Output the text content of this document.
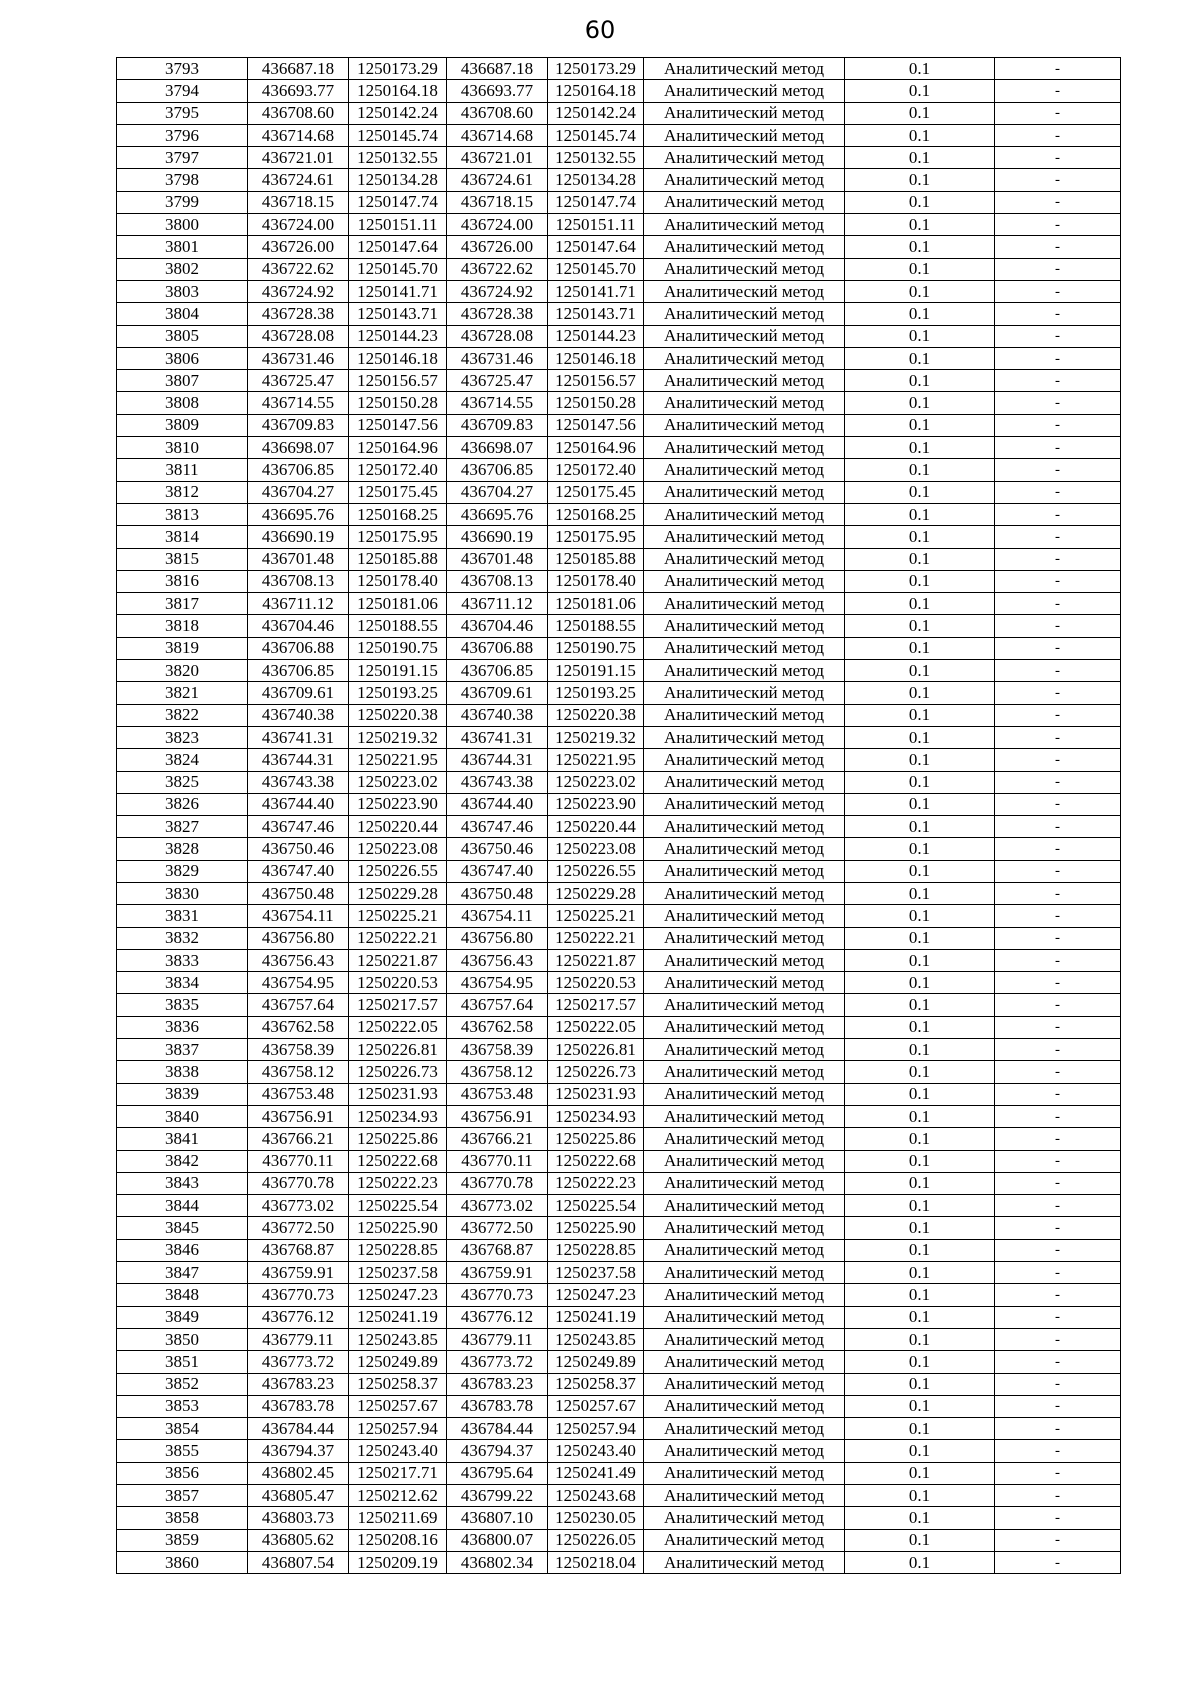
60
3793	436687.18	1250173.29	436687.18	1250173.29	Аналитический метод	0.1	-
3794	436693.77	1250164.18	436693.77	1250164.18	Аналитический метод	0.1	-
3795	436708.60	1250142.24	436708.60	1250142.24	Аналитический метод	0.1	-
3796	436714.68	1250145.74	436714.68	1250145.74	Аналитический метод	0.1	-
3797	436721.01	1250132.55	436721.01	1250132.55	Аналитический метод	0.1	-
3798	436724.61	1250134.28	436724.61	1250134.28	Аналитический метод	0.1	-
3799	436718.15	1250147.74	436718.15	1250147.74	Аналитический метод	0.1	-
3800	436724.00	1250151.11	436724.00	1250151.11	Аналитический метод	0.1	-
3801	436726.00	1250147.64	436726.00	1250147.64	Аналитический метод	0.1	-
3802	436722.62	1250145.70	436722.62	1250145.70	Аналитический метод	0.1	-
3803	436724.92	1250141.71	436724.92	1250141.71	Аналитический метод	0.1	-
3804	436728.38	1250143.71	436728.38	1250143.71	Аналитический метод	0.1	-
3805	436728.08	1250144.23	436728.08	1250144.23	Аналитический метод	0.1	-
3806	436731.46	1250146.18	436731.46	1250146.18	Аналитический метод	0.1	-
3807	436725.47	1250156.57	436725.47	1250156.57	Аналитический метод	0.1	-
3808	436714.55	1250150.28	436714.55	1250150.28	Аналитический метод	0.1	-
3809	436709.83	1250147.56	436709.83	1250147.56	Аналитический метод	0.1	-
3810	436698.07	1250164.96	436698.07	1250164.96	Аналитический метод	0.1	-
3811	436706.85	1250172.40	436706.85	1250172.40	Аналитический метод	0.1	-
3812	436704.27	1250175.45	436704.27	1250175.45	Аналитический метод	0.1	-
3813	436695.76	1250168.25	436695.76	1250168.25	Аналитический метод	0.1	-
3814	436690.19	1250175.95	436690.19	1250175.95	Аналитический метод	0.1	-
3815	436701.48	1250185.88	436701.48	1250185.88	Аналитический метод	0.1	-
3816	436708.13	1250178.40	436708.13	1250178.40	Аналитический метод	0.1	-
3817	436711.12	1250181.06	436711.12	1250181.06	Аналитический метод	0.1	-
3818	436704.46	1250188.55	436704.46	1250188.55	Аналитический метод	0.1	-
3819	436706.88	1250190.75	436706.88	1250190.75	Аналитический метод	0.1	-
3820	436706.85	1250191.15	436706.85	1250191.15	Аналитический метод	0.1	-
3821	436709.61	1250193.25	436709.61	1250193.25	Аналитический метод	0.1	-
3822	436740.38	1250220.38	436740.38	1250220.38	Аналитический метод	0.1	-
3823	436741.31	1250219.32	436741.31	1250219.32	Аналитический метод	0.1	-
3824	436744.31	1250221.95	436744.31	1250221.95	Аналитический метод	0.1	-
3825	436743.38	1250223.02	436743.38	1250223.02	Аналитический метод	0.1	-
3826	436744.40	1250223.90	436744.40	1250223.90	Аналитический метод	0.1	-
3827	436747.46	1250220.44	436747.46	1250220.44	Аналитический метод	0.1	-
3828	436750.46	1250223.08	436750.46	1250223.08	Аналитический метод	0.1	-
3829	436747.40	1250226.55	436747.40	1250226.55	Аналитический метод	0.1	-
3830	436750.48	1250229.28	436750.48	1250229.28	Аналитический метод	0.1	-
3831	436754.11	1250225.21	436754.11	1250225.21	Аналитический метод	0.1	-
3832	436756.80	1250222.21	436756.80	1250222.21	Аналитический метод	0.1	-
3833	436756.43	1250221.87	436756.43	1250221.87	Аналитический метод	0.1	-
3834	436754.95	1250220.53	436754.95	1250220.53	Аналитический метод	0.1	-
3835	436757.64	1250217.57	436757.64	1250217.57	Аналитический метод	0.1	-
3836	436762.58	1250222.05	436762.58	1250222.05	Аналитический метод	0.1	-
3837	436758.39	1250226.81	436758.39	1250226.81	Аналитический метод	0.1	-
3838	436758.12	1250226.73	436758.12	1250226.73	Аналитический метод	0.1	-
3839	436753.48	1250231.93	436753.48	1250231.93	Аналитический метод	0.1	-
3840	436756.91	1250234.93	436756.91	1250234.93	Аналитический метод	0.1	-
3841	436766.21	1250225.86	436766.21	1250225.86	Аналитический метод	0.1	-
3842	436770.11	1250222.68	436770.11	1250222.68	Аналитический метод	0.1	-
3843	436770.78	1250222.23	436770.78	1250222.23	Аналитический метод	0.1	-
3844	436773.02	1250225.54	436773.02	1250225.54	Аналитический метод	0.1	-
3845	436772.50	1250225.90	436772.50	1250225.90	Аналитический метод	0.1	-
3846	436768.87	1250228.85	436768.87	1250228.85	Аналитический метод	0.1	-
3847	436759.91	1250237.58	436759.91	1250237.58	Аналитический метод	0.1	-
3848	436770.73	1250247.23	436770.73	1250247.23	Аналитический метод	0.1	-
3849	436776.12	1250241.19	436776.12	1250241.19	Аналитический метод	0.1	-
3850	436779.11	1250243.85	436779.11	1250243.85	Аналитический метод	0.1	-
3851	436773.72	1250249.89	436773.72	1250249.89	Аналитический метод	0.1	-
3852	436783.23	1250258.37	436783.23	1250258.37	Аналитический метод	0.1	-
3853	436783.78	1250257.67	436783.78	1250257.67	Аналитический метод	0.1	-
3854	436784.44	1250257.94	436784.44	1250257.94	Аналитический метод	0.1	-
3855	436794.37	1250243.40	436794.37	1250243.40	Аналитический метод	0.1	-
3856	436802.45	1250217.71	436795.64	1250241.49	Аналитический метод	0.1	-
3857	436805.47	1250212.62	436799.22	1250243.68	Аналитический метод	0.1	-
3858	436803.73	1250211.69	436807.10	1250230.05	Аналитический метод	0.1	-
3859	436805.62	1250208.16	436800.07	1250226.05	Аналитический метод	0.1	-
3860	436807.54	1250209.19	436802.34	1250218.04	Аналитический метод	0.1	-
